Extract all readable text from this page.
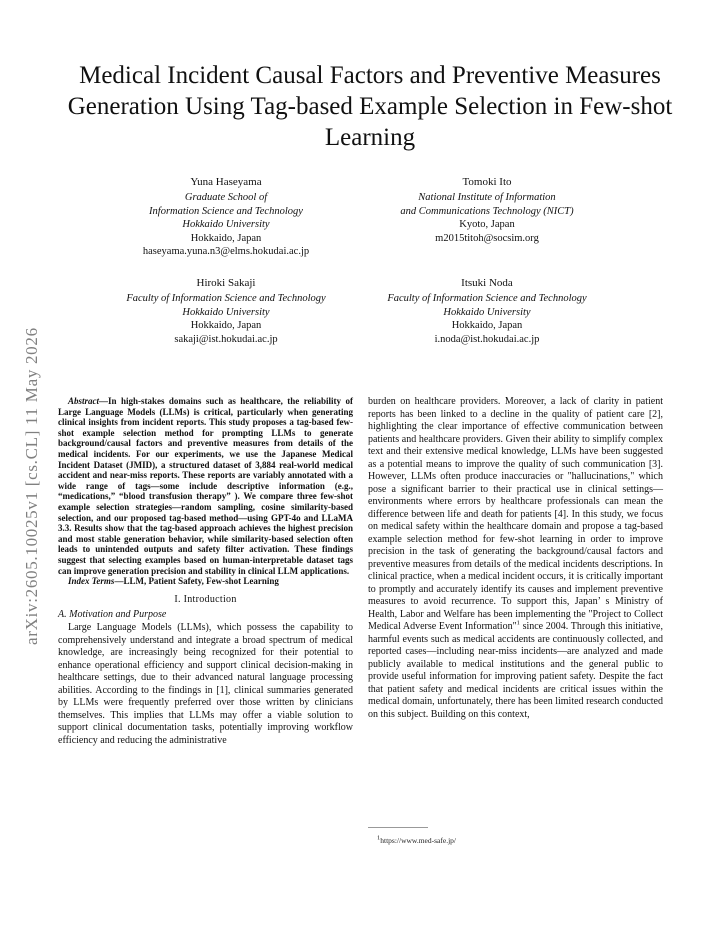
Medical Incident Causal Factors and Preventive Measures Generation Using Tag-based Example Selection in Few-shot Learning
Yuna Haseyama
Graduate School of
Information Science and Technology
Hokkaido University
Hokkaido, Japan
haseyama.yuna.n3@elms.hokudai.ac.jp
Tomoki Ito
National Institute of Information
and Communications Technology (NICT)
Kyoto, Japan
m2015titoh@socsim.org
Hiroki Sakaji
Faculty of Information Science and Technology
Hokkaido University
Hokkaido, Japan
sakaji@ist.hokudai.ac.jp
Itsuki Noda
Faculty of Information Science and Technology
Hokkaido University
Hokkaido, Japan
i.noda@ist.hokudai.ac.jp
arXiv:2605.10025v1 [cs.CL] 11 May 2026	Abstract—In high-stakes domains such as healthcare, the reliability of Large Language Models (LLMs) is critical, particularly when generating clinical insights from incident reports. This study proposes a tag-based few-shot example selection method for prompting LLMs to generate background/causal factors and preventive measures from details of the medical incidents. For our experiments, we use the Japanese Medical Incident Dataset (JMID), a structured dataset of 3,884 real-world medical accident and near-miss reports. These reports are variably annotated with a wide range of tags—some include descriptive information (e.g., “medications,” “blood transfusion therapy” ). We compare three few-shot example selection strategies—random sampling, cosine similarity-based selection, and our proposed tag-based method—using GPT-4o and LLaMA 3.3. Results show that the tag-based approach achieves the highest precision and most stable generation behavior, while similarity-based selection often leads to unintended outputs and safety filter activation. These findings suggest that selecting examples based on human-interpretable dataset tags can improve generation precision and stability in clinical LLM applications.

Index Terms—LLM, Patient Safety, Few-shot Learning

I. Introduction
A. Motivation and Purpose

Large Language Models (LLMs), which possess the capability to comprehensively understand and integrate a broad spectrum of medical knowledge, are increasingly being recognized for their potential to enhance operational efficiency and support clinical decision-making in healthcare settings, due to their advanced natural language processing abilities. According to the findings in [1], clinical summaries generated by LLMs were frequently preferred over those written by clinicians themselves. This implies that LLMs may offer a viable solution to support clinical documentation tasks, potentially improving workflow efficiency and reducing the administrative

burden on healthcare providers. Moreover, a lack of clarity in patient reports has been linked to a decline in the quality of patient care [2], highlighting the clear importance of effective communication between patients and healthcare providers. Given their ability to simplify complex text and their extensive medical knowledge, LLMs have been suggested as a potential means to improve the quality of such communication [3]. However, LLMs often produce inaccuracies or "hallucinations," which pose a significant barrier to their practical use in clinical settings—environments where errors by healthcare professionals can mean the difference between life and death for patients [4]. In this study, we focus on medical safety within the healthcare domain and propose a tag-based example selection method for few-shot learning in order to improve precision in the task of generating the background/causal factors and preventive measures from details of the medical incidents descriptions. In clinical practice, when a medical incident occurs, it is critically important to promptly and accurately identify its causes and implement preventive measures to avoid recurrence. To support this, Japan’ s Ministry of Health, Labor and Welfare has been implementing the "Project to Collect Medical Adverse Event Information"$^1$ since 2004. Through this initiative, harmful events such as medical accidents are continuously collected, and reported cases—including near-miss incidents—are analyzed and made publicly available to medical institutions and the general public to provide useful information for improving patient safety. Despite the fact that patient safety and medical incidents are critical issues within the medical domain, unfortunately, there has been limited research conducted on this subject. Building on this context,

$^1$https://www.med-safe.jp/
